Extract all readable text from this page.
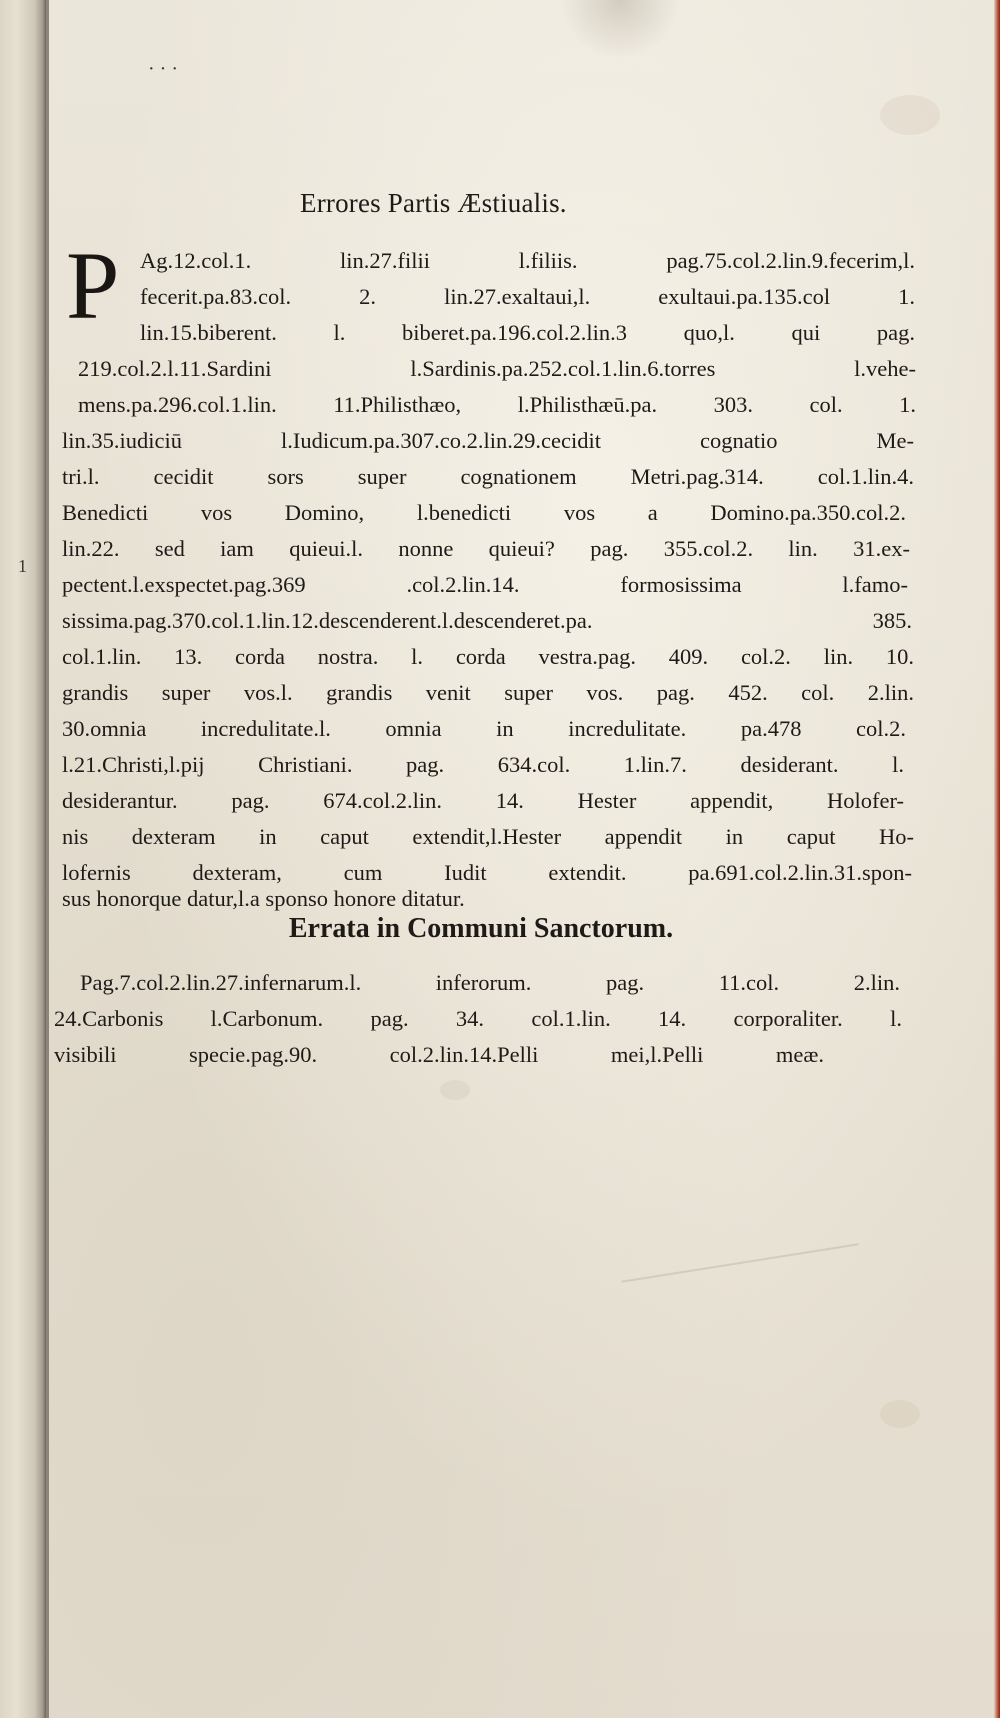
· · ·
1
Errores Partis Æstiualis.
P Ag.12.col.1. lin.27.filii l.filiis. pag.75.col.2.lin.9.fecerim,l.
fecerit.pa.83.col. 2. lin.27.exaltaui,l. exultaui.pa.135.col 1.
lin.15.biberent. l. biberet.pa.196.col.2.lin.3 quo,l. qui pag.
219.col.2.l.11.Sardini l.Sardinis.pa.252.col.1.lin.6.torres l.vehe-
mens.pa.296.col.1.lin. 11.Philisthæo, l.Philisthæū.pa. 303. col. 1.
lin.35.iudiciū l.Iudicum.pa.307.co.2.lin.29.cecidit cognatio Me-
tri.l. cecidit sors super cognationem Metri.pag.314. col.1.lin.4.
Benedicti vos Domino, l.benedicti vos a Domino.pa.350.col.2.
lin.22. sed iam quieui.l. nonne quieui? pag. 355.col.2. lin. 31.ex-
pectent.l.exspectet.pag.369 .col.2.lin.14. formosissima l.famo-
sissima.pag.370.col.1.lin.12.descenderent.l.descenderet.pa. 385.
col.1.lin. 13. corda nostra. l. corda vestra.pag. 409. col.2. lin. 10.
grandis super vos.l. grandis venit super vos. pag. 452. col. 2.lin.
30.omnia incredulitate.l. omnia in incredulitate. pa.478 col.2.
l.21.Christi,l.pij Christiani. pag. 634.col. 1.lin.7. desiderant. l.
desiderantur. pag. 674.col.2.lin. 14. Hester appendit, Holofer-
nis dexteram in caput extendit,l.Hester appendit in caput Ho-
lofernis dexteram, cum Iudit extendit. pa.691.col.2.lin.31.spon-
sus honorque datur,l.a sponso honore ditatur.
Errata in Communi Sanctorum.
Pag.7.col.2.lin.27.infernarum.l. inferorum. pag. 11.col. 2.lin.
24.Carbonis l.Carbonum. pag. 34. col.1.lin. 14. corporaliter. l.
visibili specie.pag.90. col.2.lin.14.Pelli mei,l.Pelli meæ.
